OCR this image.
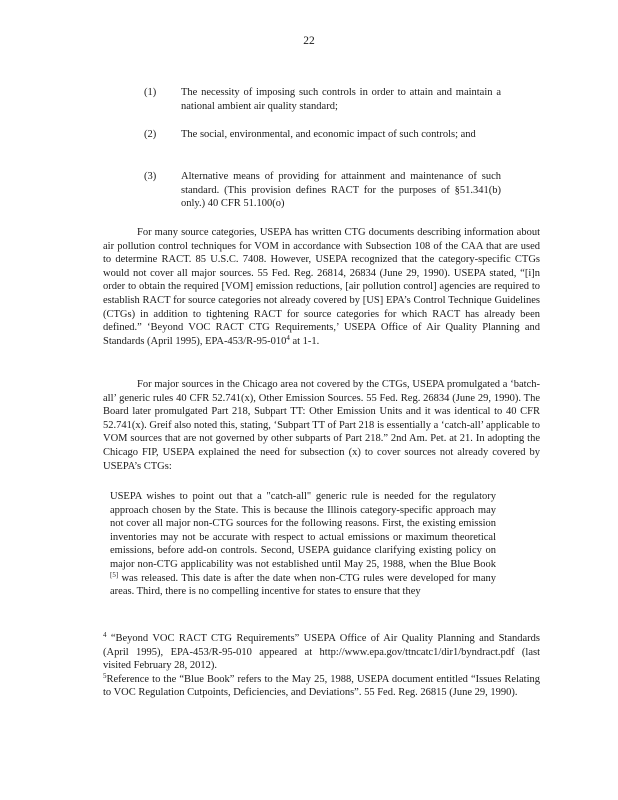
22
(1) The necessity of imposing such controls in order to attain and maintain a national ambient air quality standard;
(2) The social, environmental, and economic impact of such controls; and
(3) Alternative means of providing for attainment and maintenance of such standard. (This provision defines RACT for the purposes of §51.341(b) only.) 40 CFR 51.100(o)

For many source categories, USEPA has written CTG documents describing information about air pollution control techniques for VOM in accordance with Subsection 108 of the CAA that are used to determine RACT. 85 U.S.C. 7408. However, USEPA recognized that the category-specific CTGs would not cover all major sources. 55 Fed. Reg. 26814, 26834 (June 29, 1990). USEPA stated, “[i]n order to obtain the required [VOM] emission reductions, [air pollution control] agencies are required to establish RACT for source categories not already covered by [US] EPA’s Control Technique Guidelines (CTGs) in addition to tightening RACT for source categories for which RACT has already been defined.” ‘Beyond VOC RACT CTG Requirements,’ USEPA Office of Air Quality Planning and Standards (April 1995), EPA-$453/R-95-010^4$ at 1-1.

For major sources in the Chicago area not covered by the CTGs, USEPA promulgated a ‘batch-all’ generic rules 40 CFR 52.741(x), Other Emission Sources. 55 Fed. Reg. 26834 (June 29, 1990). The Board later promulgated Part 218, Subpart TT: Other Emission Units and it was identical to 40 CFR 52.741(x). Greif also noted this, stating, ‘Subpart TT of Part 218 is essentially a ‘catch-all’ applicable to VOM sources that are not governed by other subparts of Part 218.” 2nd Am. Pet. at 21. In adopting the Chicago FIP, USEPA explained the need for subsection (x) to cover sources not already covered by USEPA’s CTGs:

USEPA wishes to point out that a "catch-all" generic rule is needed for the regulatory approach chosen by the State. This is because the Illinois category-specific approach may not cover all major non-CTG sources for the following reasons. First, the existing emission inventories may not be accurate with respect to actual emissions or maximum theoretical emissions, before add-on controls. Second, USEPA guidance clarifying existing policy on major non-CTG applicability was not established until May 25, 1988, when the Blue Book [5] was released. This date is after the date when non-CTG rules were developed for many areas. Third, there is no compelling incentive for states to ensure that they

$^4$ “Beyond VOC RACT CTG Requirements” USEPA Office of Air Quality Planning and Standards (April 1995), EPA-453/R-95-010 appeared at http://www.epa.gov/ttncatc1/dir1/byndract.pdf (last visited February 28, 2012).

$^5$Reference to the “Blue Book” refers to the May 25, 1988, USEPA document entitled “Issues Relating to VOC Regulation Cutpoints, Deficiencies, and Deviations”. 55 Fed. Reg. 26815 (June 29, 1990).
